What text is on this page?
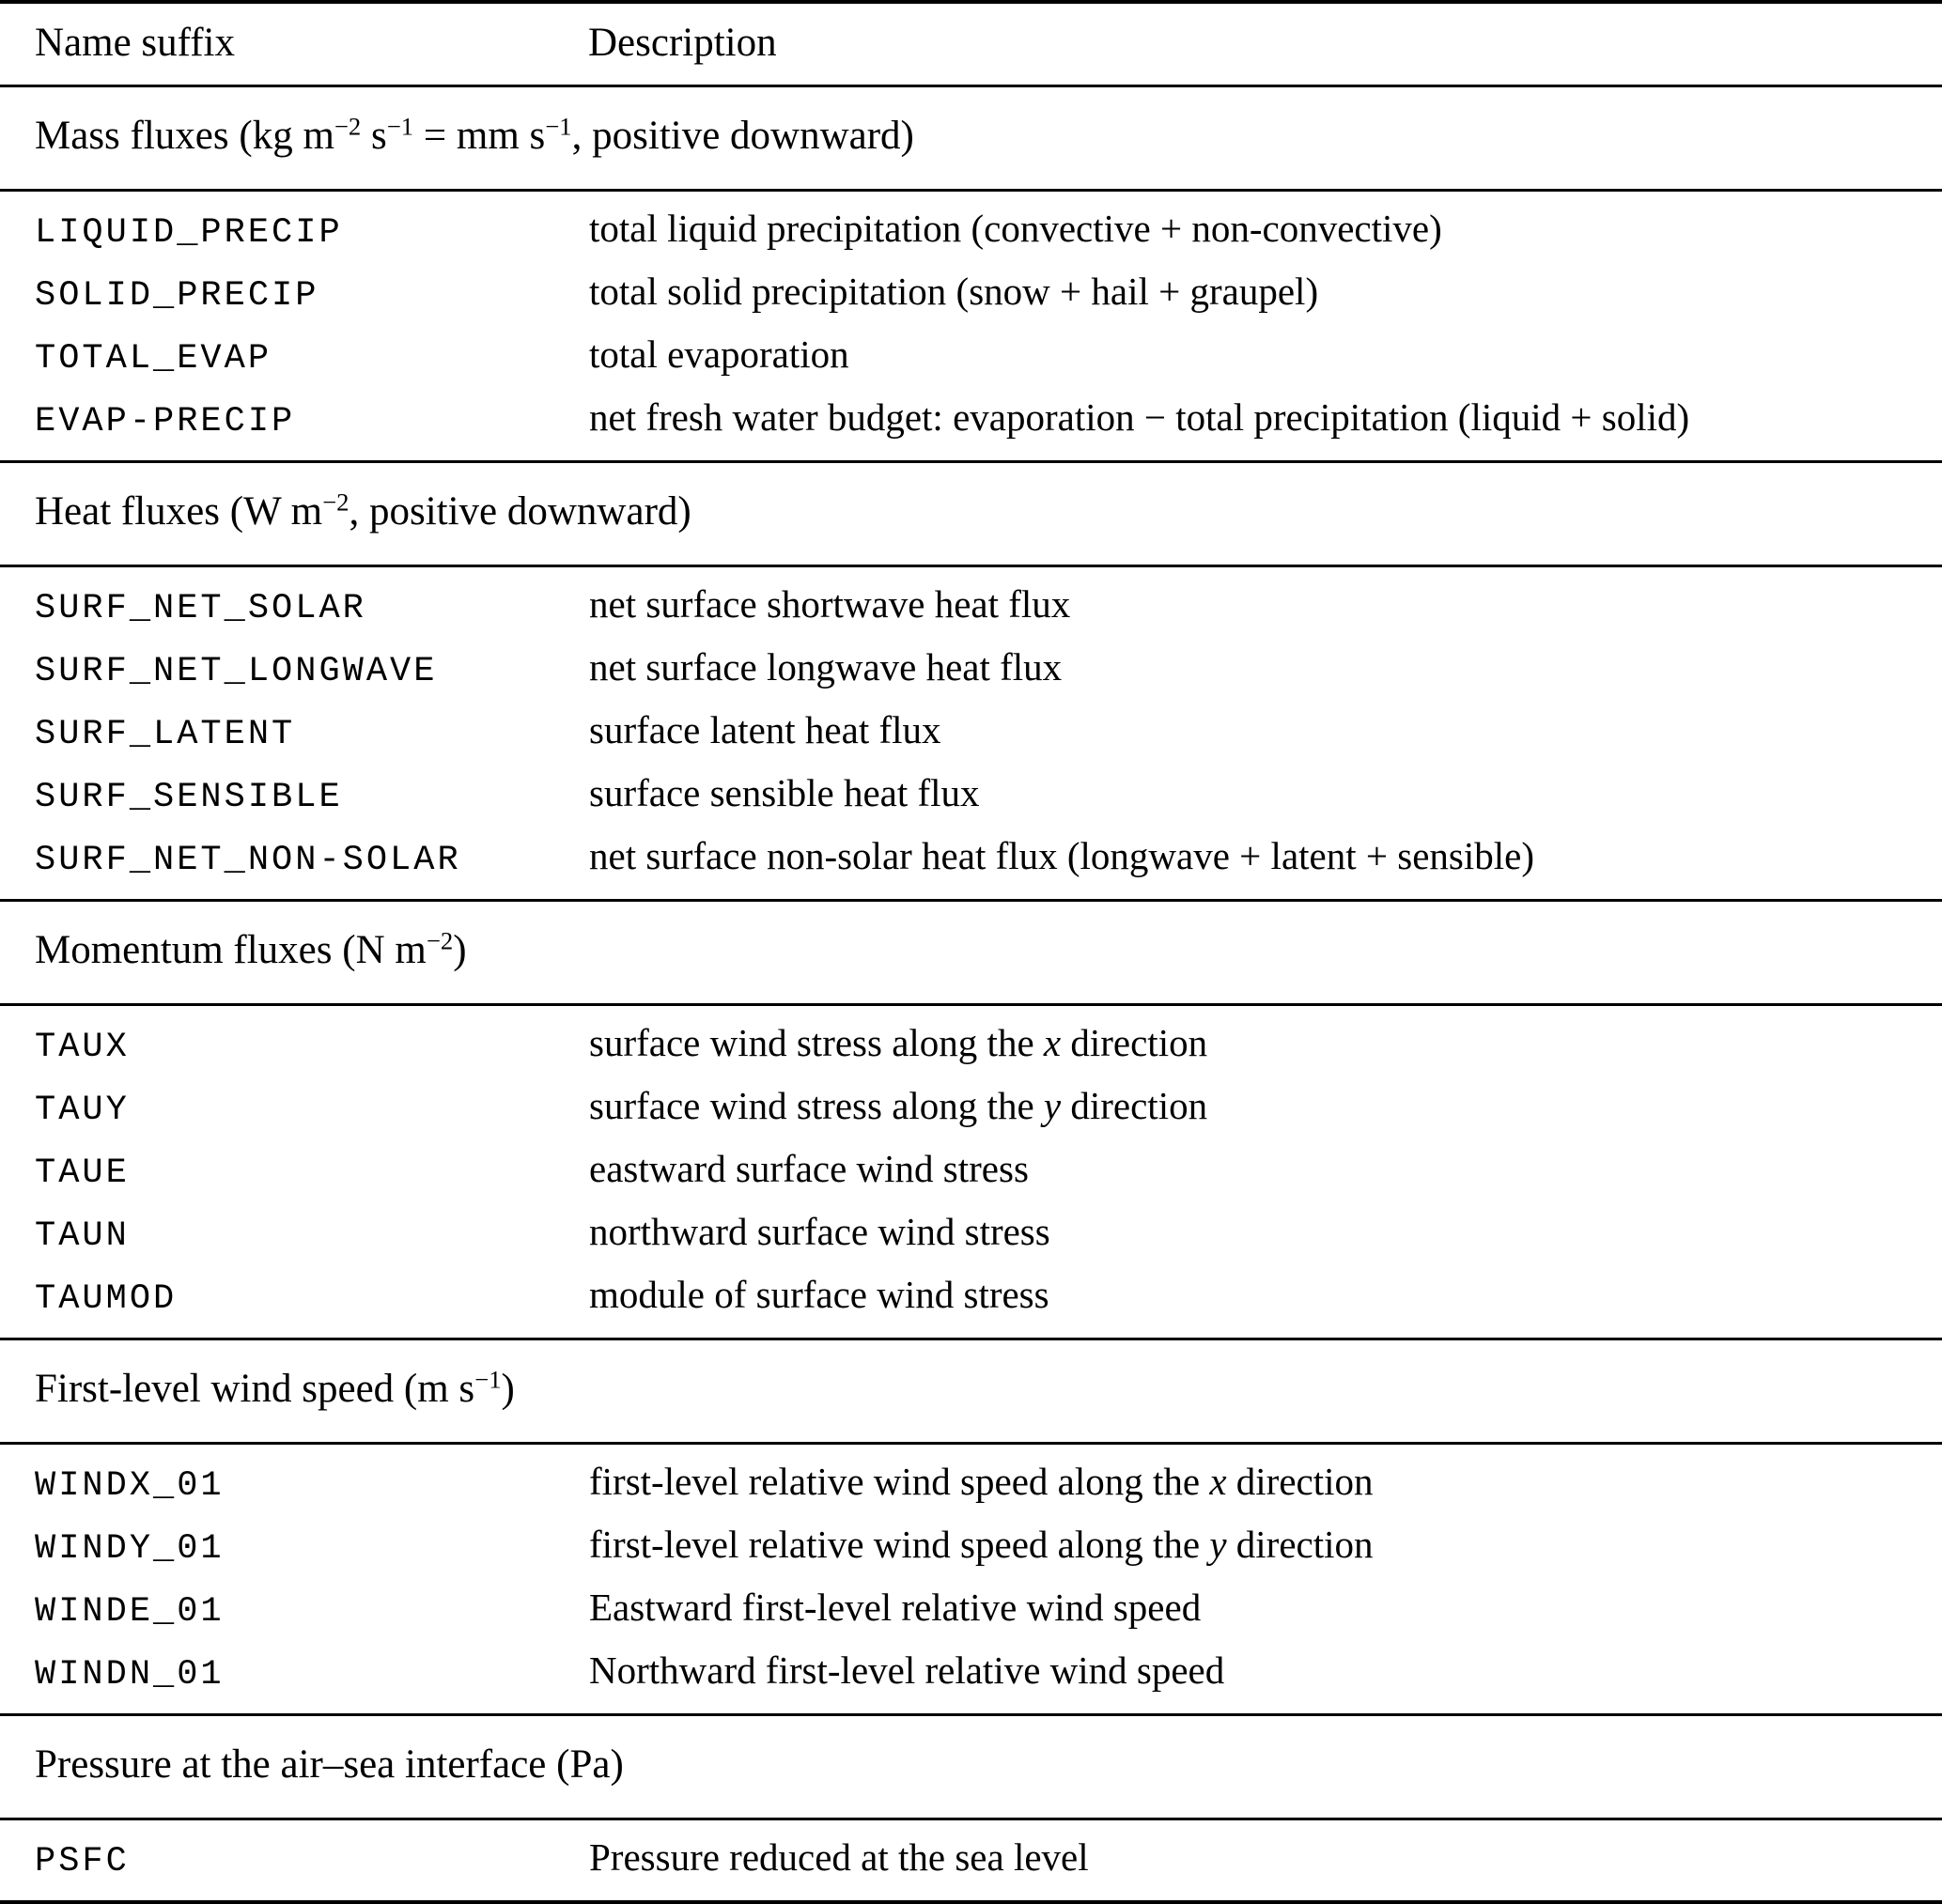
Name suffix	Description
Mass fluxes (kg $m^{-2}$ $s^{-1}$ = mm $s^{-1}$, positive downward)	
LIQUID_PRECIP	total liquid precipitation (convective + non-convective)
SOLID_PRECIP	total solid precipitation (snow + hail + graupel)
TOTAL_EVAP	total evaporation
EVAP-PRECIP	net fresh water budget: evaporation − total precipitation (liquid + solid)
Heat fluxes (W $m^{-2}$, positive downward)	
SURF_NET_SOLAR	net surface shortwave heat flux
SURF_NET_LONGWAVE	net surface longwave heat flux
SURF_LATENT	surface latent heat flux
SURF_SENSIBLE	surface sensible heat flux
SURF_NET_NON-SOLAR	net surface non-solar heat flux (longwave + latent + sensible)
Momentum fluxes (N $m^{-2}$)	
TAUX	surface wind stress along the x direction
TAUY	surface wind stress along the y direction
TAUE	eastward surface wind stress
TAUN	northward surface wind stress
TAUMOD	module of surface wind stress
First-level wind speed (m $s^{-1}$)	
WINDX_01	first-level relative wind speed along the x direction
WINDY_01	first-level relative wind speed along the y direction
WINDE_01	Eastward first-level relative wind speed
WINDN_01	Northward first-level relative wind speed
Pressure at the air–sea interface (Pa)	
PSFC	Pressure reduced at the sea level
